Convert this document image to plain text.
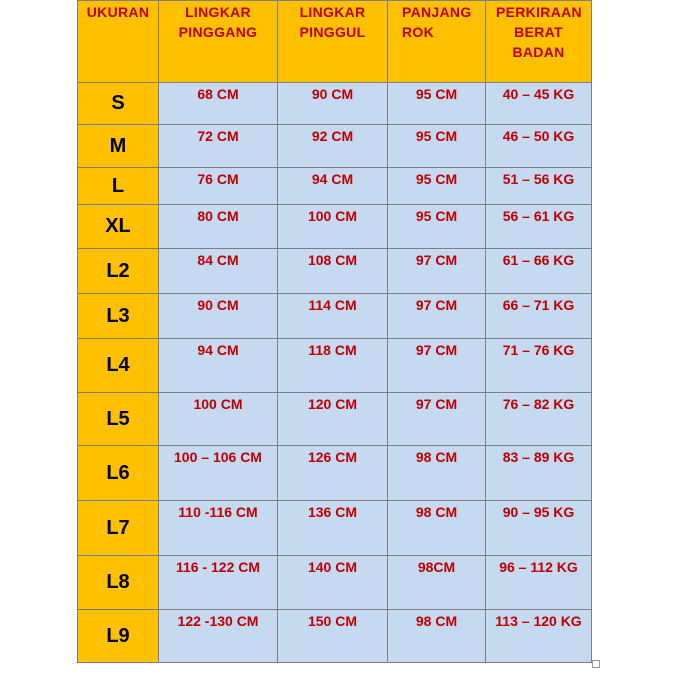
UKURAN	LINGKAR PINGGANG	LINGKAR PINGGUL	PANJANG ROK	PERKIRAAN BERAT BADAN
S	68 CM	90 CM	95 CM	40 – 45 KG
M	72 CM	92 CM	95 CM	46 – 50 KG
L	76 CM	94 CM	95 CM	51 – 56 KG
XL	80 CM	100 CM	95 CM	56 – 61 KG
L2	84 CM	108 CM	97 CM	61 – 66 KG
L3	90 CM	114 CM	97 CM	66 – 71 KG
L4	94 CM	118 CM	97 CM	71 – 76 KG
L5	100 CM	120 CM	97 CM	76 – 82 KG
L6	100 – 106 CM	126 CM	98 CM	83 – 89 KG
L7	110 -116 CM	136 CM	98 CM	90 – 95 KG
L8	116 - 122 CM	140 CM	98CM	96 – 112 KG
L9	122 -130 CM	150 CM	98 CM	113 – 120 KG
